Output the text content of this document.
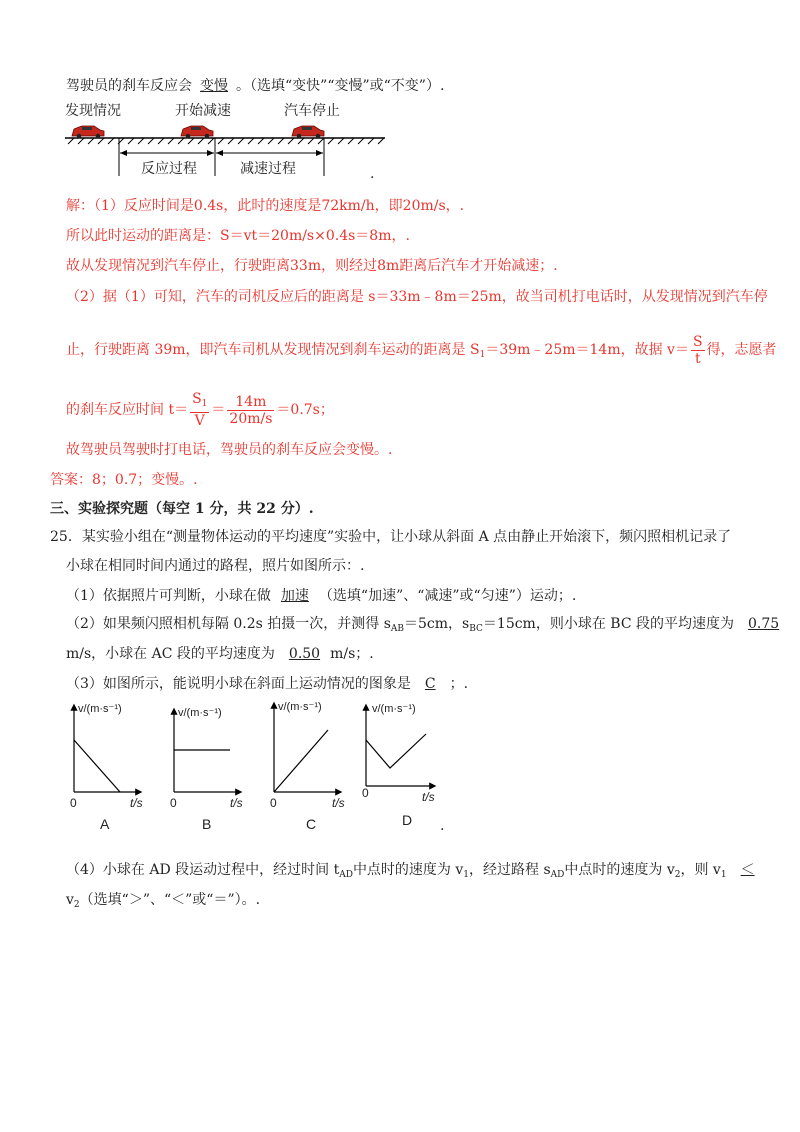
驾驶员的刹车反应会 变慢 。（选填“变快”“变慢”或“不变”）.
发现情况	开始减速	汽车停止
反应过程	减速过程	.
解：（1）反应时间是0.4s，此时的速度是72km/h，即20m/s，.
所以此时运动的距离是：S＝vt＝20m/s×0.4s＝8m，.
故从发现情况到汽车停止，行驶距离33m，则经过8m距离后汽车才开始减速；.
（2）据（1）可知，汽车的司机反应后的距离是 s＝33m﹣8m＝25m，故当司机打电话时，从发现情况到汽车停
止，行驶距离 39m，即汽车司机从发现情况到刹车运动的距离是 $S_1=39m﹣25m=14m$，故据 $v= \frac{S}{t}$ 得，志愿者
的刹车反应时间 $t= \frac{S_1}{V} = \frac{14m}{20m/s} =0.7s$；
故驾驶员驾驶时打电话，驾驶员的刹车反应会变慢。.
答案：8；0.7；变慢。.
三、实验探究题（每空 1 分，共 22 分）.
25．某实验小组在“测量物体运动的平均速度”实验中，让小球从斜面 A 点由静止开始滚下，频闪照相机记录了
小球在相同时间内通过的路程，照片如图所示：.
（1）依据照片可判断，小球在做 加速 （选填“加速”、“减速”或“匀速”）运动；.
（2）如果频闪照相机每隔 0.2s 拍摄一次，并测得 $s_{AB}=5cm$，$s_{BC}=15cm$，则小球在 BC 段的平均速度为 0.75
m/s，小球在 AC 段的平均速度为 0.50 m/s；.
（3）如图所示，能说明小球在斜面上运动情况的图象是 C ；.
v/(m·s⁻¹)
t/s
0
A
v/(m·s⁻¹)
t/s
0
B
v/(m·s⁻¹)
t/s
0
C
v/(m·s⁻¹)
t/s
0
D .
（4）小球在 AD 段运动过程中，经过时间 $t_{AD}$中点时的速度为 $v_1$，经过路程 $s_{AD}$中点时的速度为 $v_2$，则 $v_1$ ＜
$v_2$（选填“＞”、“＜”或“＝”）。.
